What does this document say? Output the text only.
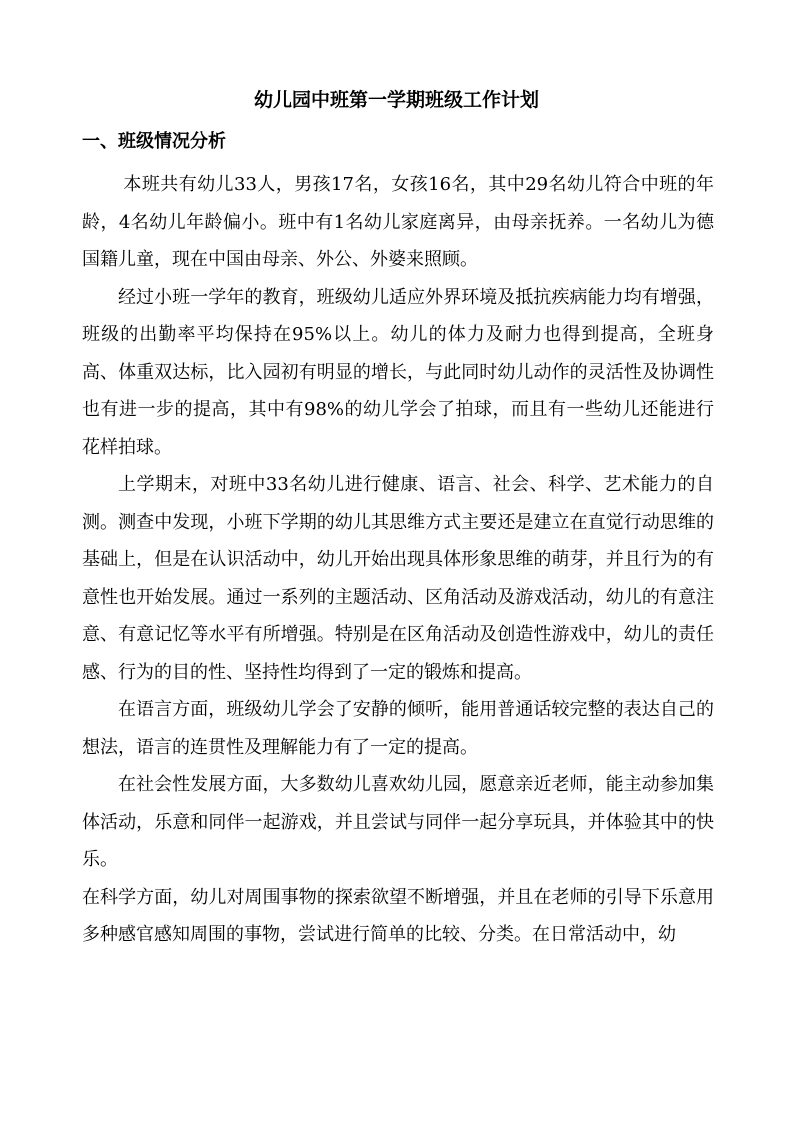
幼儿园中班第一学期班级工作计划
一、班级情况分析

本班共有幼儿33人，男孩17名，女孩16名，其中29名幼儿符合中班的年龄，4名幼儿年龄偏小。班中有1名幼儿家庭离异，由母亲抚养。一名幼儿为德国籍儿童，现在中国由母亲、外公、外婆来照顾。

经过小班一学年的教育，班级幼儿适应外界环境及抵抗疾病能力均有增强，班级的出勤率平均保持在95%以上。幼儿的体力及耐力也得到提高，全班身高、体重双达标，比入园初有明显的增长，与此同时幼儿动作的灵活性及协调性也有进一步的提高，其中有98%的幼儿学会了拍球，而且有一些幼儿还能进行花样拍球。

上学期末，对班中33名幼儿进行健康、语言、社会、科学、艺术能力的自测。测查中发现，小班下学期的幼儿其思维方式主要还是建立在直觉行动思维的基础上，但是在认识活动中，幼儿开始出现具体形象思维的萌芽，并且行为的有意性也开始发展。通过一系列的主题活动、区角活动及游戏活动，幼儿的有意注意、有意记忆等水平有所增强。特别是在区角活动及创造性游戏中，幼儿的责任感、行为的目的性、坚持性均得到了一定的锻炼和提高。

在语言方面，班级幼儿学会了安静的倾听，能用普通话较完整的表达自己的想法，语言的连贯性及理解能力有了一定的提高。

在社会性发展方面，大多数幼儿喜欢幼儿园，愿意亲近老师，能主动参加集体活动，乐意和同伴一起游戏，并且尝试与同伴一起分享玩具，并体验其中的快乐。

在科学方面，幼儿对周围事物的探索欲望不断增强，并且在老师的引导下乐意用多种感官感知周围的事物，尝试进行简单的比较、分类。在日常活动中，幼
